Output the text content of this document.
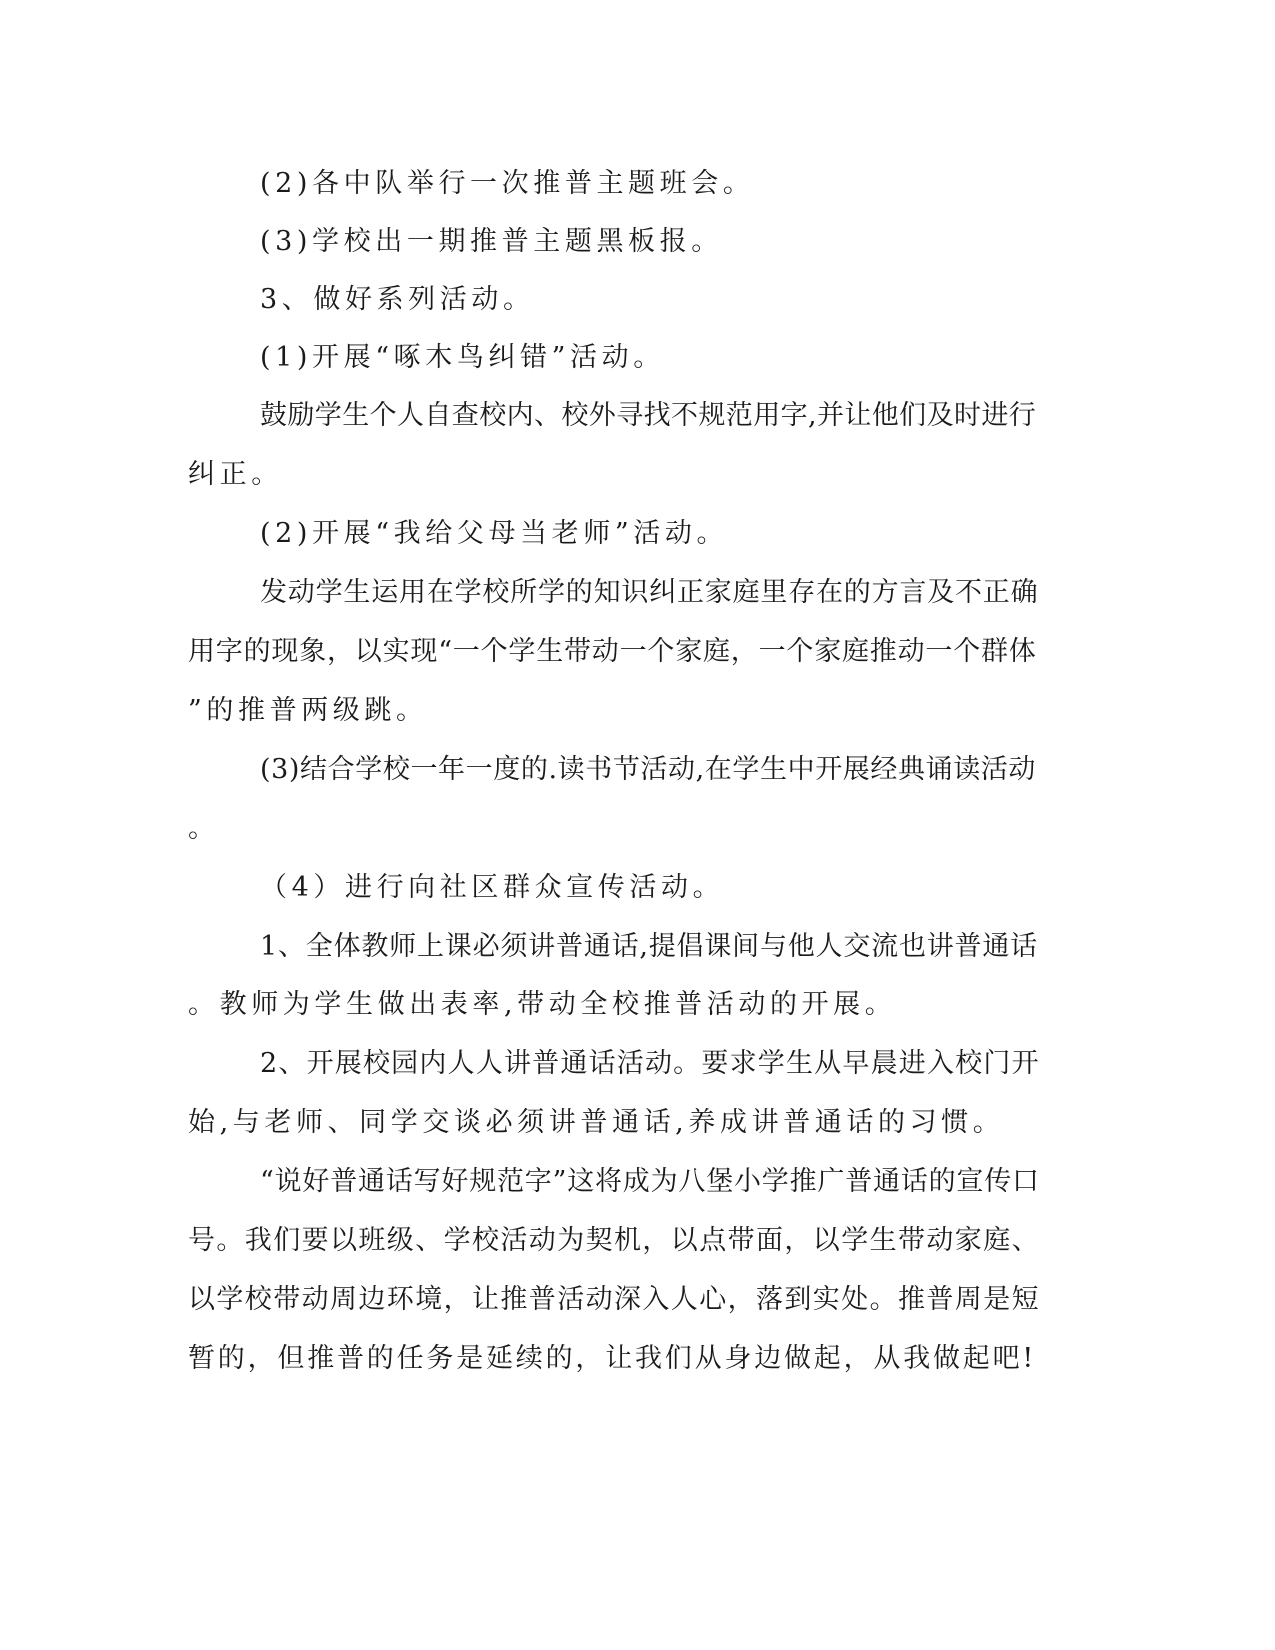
(2)各中队举行一次推普主题班会。
(3)学校出一期推普主题黑板报。
3、做好系列活动。
(1)开展“啄木鸟纠错”活动。
鼓励学生个人自查校内、校外寻找不规范用字,并让他们及时进行
纠正。
(2)开展“我给父母当老师”活动。
发动学生运用在学校所学的知识纠正家庭里存在的方言及不正确
用字的现象，以实现“一个学生带动一个家庭，一个家庭推动一个群体
”的推普两级跳。
(3)结合学校一年一度的.读书节活动,在学生中开展经典诵读活动
。
（4）进行向社区群众宣传活动。
1、全体教师上课必须讲普通话,提倡课间与他人交流也讲普通话
。教师为学生做出表率,带动全校推普活动的开展。
2、开展校园内人人讲普通话活动。要求学生从早晨进入校门开
始,与老师、同学交谈必须讲普通话,养成讲普通话的习惯。
“说好普通话写好规范字”这将成为八堡小学推广普通话的宣传口
号。我们要以班级、学校活动为契机，以点带面，以学生带动家庭、
以学校带动周边环境，让推普活动深入人心，落到实处。推普周是短
暂的，但推普的任务是延续的，让我们从身边做起，从我做起吧!
